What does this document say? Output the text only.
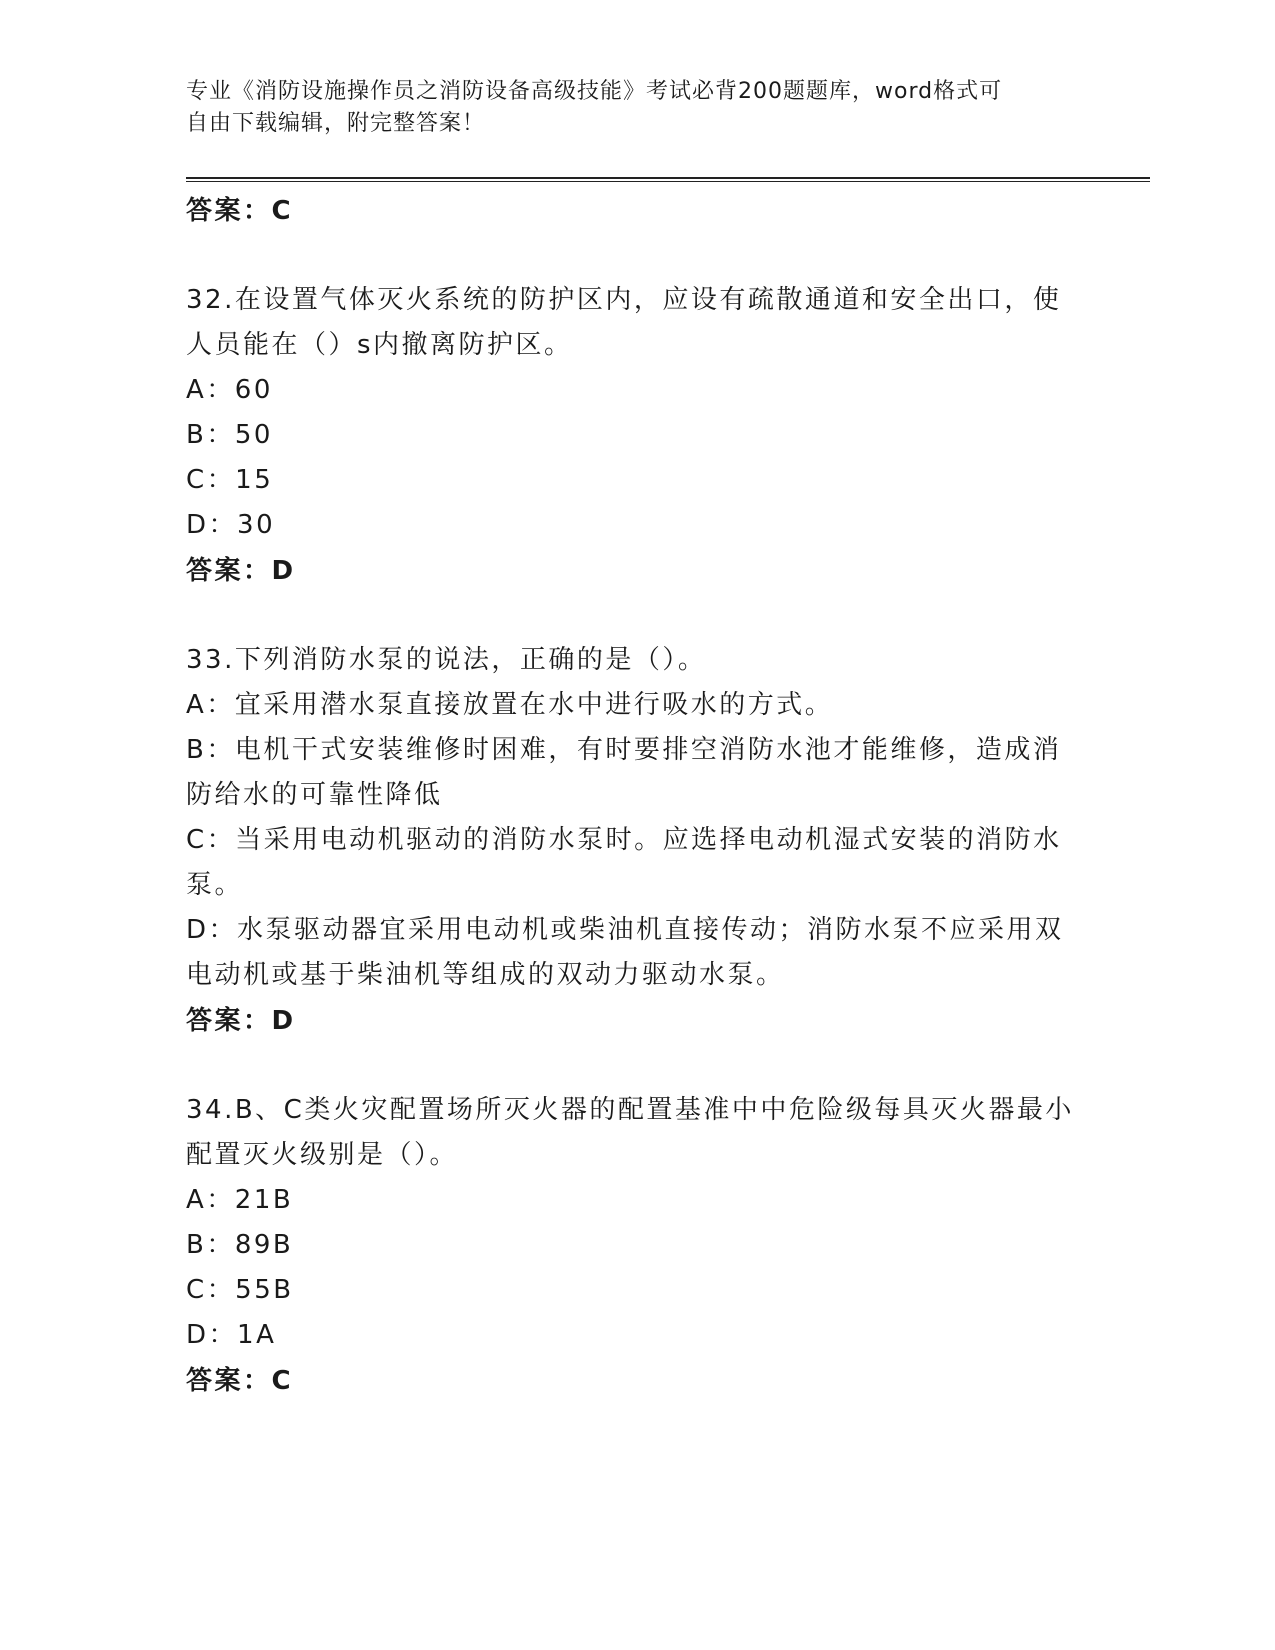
专业《消防设施操作员之消防设备高级技能》考试必背200题题库，word格式可
自由下载编辑，附完整答案！
答案：C
32.在设置气体灭火系统的防护区内，应设有疏散通道和安全出口，使人员能在（）s内撤离防护区。
A：60
B：50
C：15
D：30
答案：D
33.下列消防水泵的说法，正确的是（）。
A：宜采用潜水泵直接放置在水中进行吸水的方式。
B：电机干式安装维修时困难，有时要排空消防水池才能维修，造成消防给水的可靠性降低
C：当采用电动机驱动的消防水泵时。应选择电动机湿式安装的消防水泵。
D：水泵驱动器宜采用电动机或柴油机直接传动；消防水泵不应采用双电动机或基于柴油机等组成的双动力驱动水泵。
答案：D
34.B、C类火灾配置场所灭火器的配置基准中中危险级每具灭火器最小配置灭火级别是（）。
A：21B
B：89B
C：55B
D：1A
答案：C
